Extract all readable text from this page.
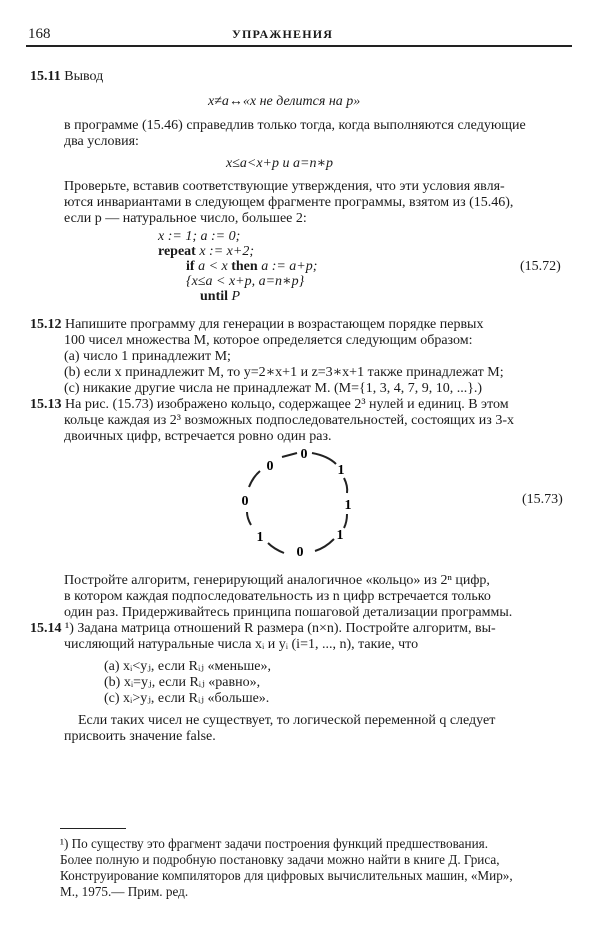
168	УПРАЖНЕНИЯ
15.11 Вывод
x≠a↔«x не делится на p»
в программе (15.46) справедлив только тогда, когда выполняются следующие
два условия:
x≤a<x+p и a=n∗p
Проверьте, вставив соответствующие утверждения, что эти условия явля-
ются инвариантами в следующем фрагменте программы, взятом из (15.46),
если p — натуральное число, большее 2:
x := 1; a := 0;
repeat x := x+2;
if a < x then a := a+p;	(15.72)
{x≤a < x+p, a=n∗p}
until P
15.12 Напишите программу для генерации в возрастающем порядке первых
100 чисел множества M, которое определяется следующим образом:
(a) число 1 принадлежит M;
(b) если x принадлежит M, то y=2∗x+1 и z=3∗x+1 также принадлежат M;
(c) никакие другие числа не принадлежат M. (M={1, 3, 4, 7, 9, 10, ...}.)
15.13 На рис. (15.73) изображено кольцо, содержащее 2³ нулей и единиц. В этом
кольце каждая из 2³ возможных подпоследовательностей, состоящих из 3-х
двоичных цифр, встречается ровно один раз.
0
1
1
1
0
1
0
0
(15.73)
Постройте алгоритм, генерирующий аналогичное «кольцо» из 2ⁿ цифр,
в котором каждая подпоследовательность из n цифр встречается только
один раз. Придерживайтесь принципа пошаговой детализации программы.
15.14 ¹) Задана матрица отношений R размера (n×n). Постройте алгоритм, вы-
числяющий натуральные числа xᵢ и yᵢ (i=1, ..., n), такие, что
(a) xᵢ<yⱼ, если Rᵢⱼ «меньше»,
(b) xᵢ=yⱼ, если Rᵢⱼ «равно»,
(c) xᵢ>yⱼ, если Rᵢⱼ «больше».
Если таких чисел не существует, то логической переменной q следует
присвоить значение false.
¹) По существу это фрагмент задачи построения функций предшествования.
Более полную и подробную постановку задачи можно найти в книге Д. Гриса,
Конструирование компиляторов для цифровых вычислительных машин, «Мир»,
М., 1975.— Прим. ред.
